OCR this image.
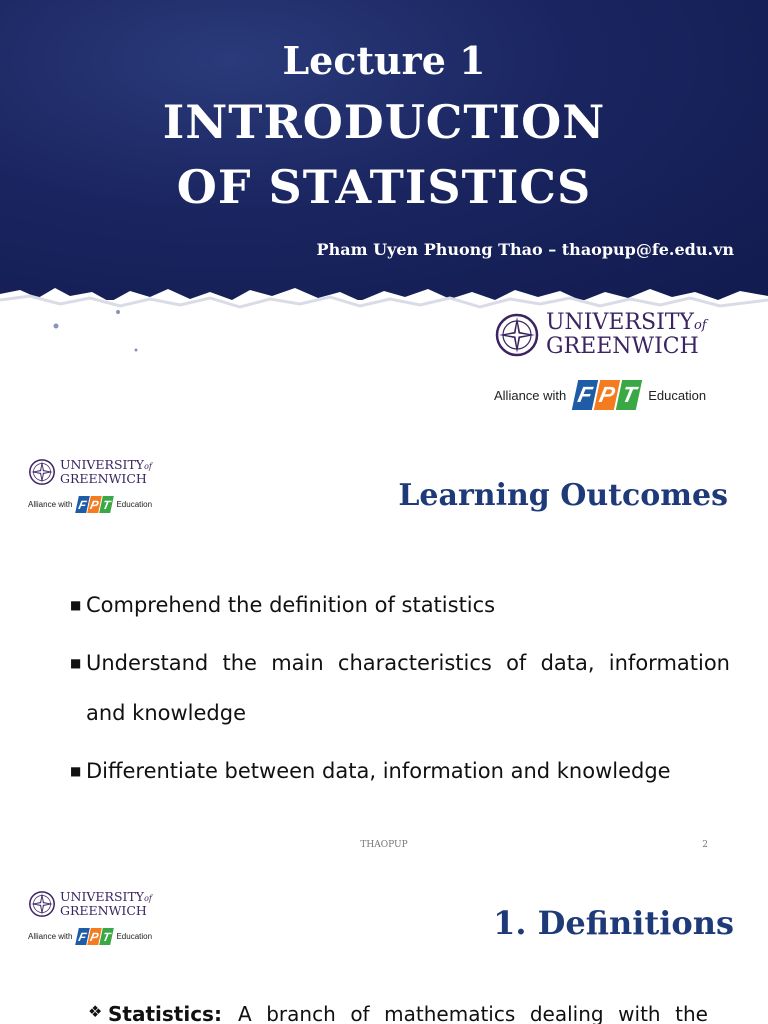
Lecture 1
INTRODUCTION
OF STATISTICS
Pham Uyen Phuong Thao – thaopup@fe.edu.vn
UNIVERSITYof
GREENWICH
Alliance with F P T Education
UNIVERSITYof
GREENWICH
Alliance with F P T Education	Learning Outcomes
■ Comprehend the definition of statistics
■ Understand the main characteristics of data, information and knowledge
■ Differentiate between data, information and knowledge
THAOPUP	2
UNIVERSITYof
GREENWICH
Alliance with F P T Education	1. Definitions
❖ Statistics: A branch of mathematics dealing with the
